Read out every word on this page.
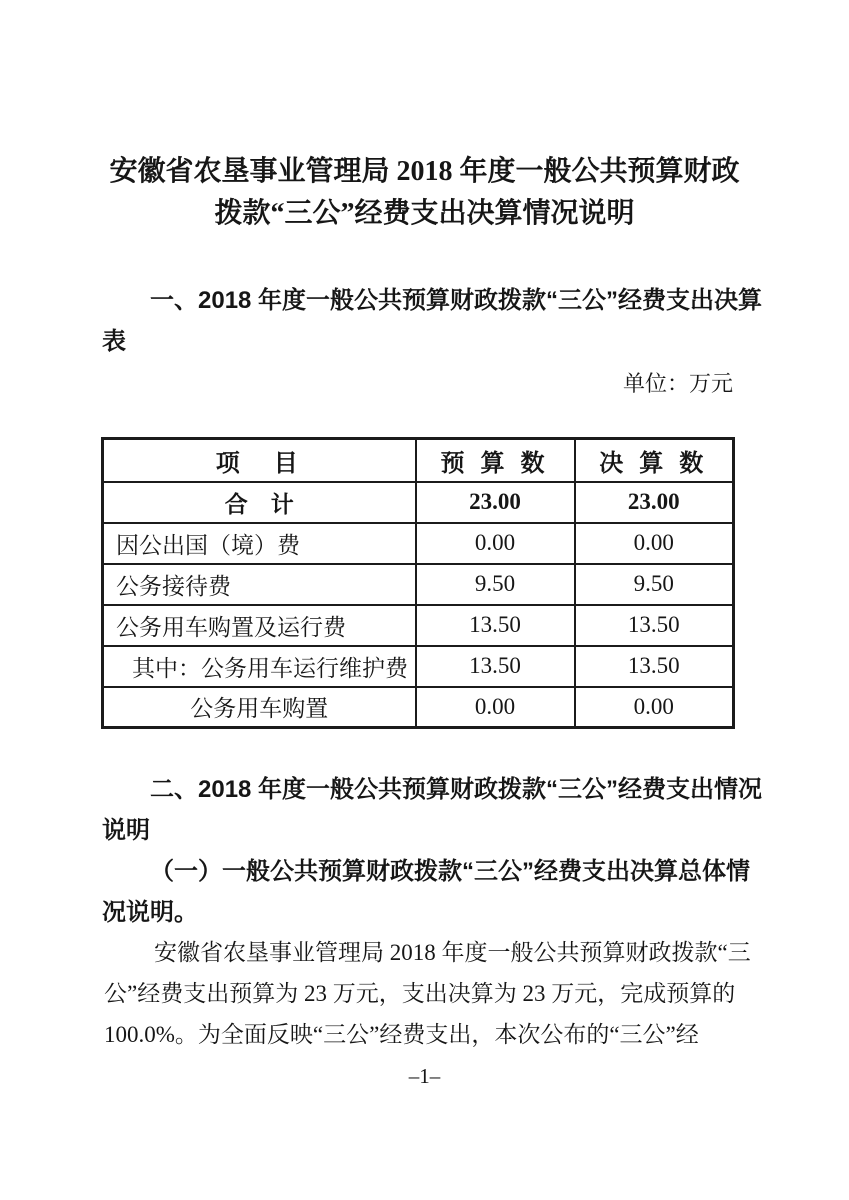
安徽省农垦事业管理局 2018 年度一般公共预算财政
拨款“三公”经费支出决算情况说明
一、2018 年度一般公共预算财政拨款“三公”经费支出决算
表
单位：万元
项　目	预 算 数	决 算 数
合　计	23.00	23.00
因公出国（境）费	0.00	0.00
公务接待费	9.50	9.50
公务用车购置及运行费	13.50	13.50
其中：公务用车运行维护费	13.50	13.50
公务用车购置	0.00	0.00
二、2018 年度一般公共预算财政拨款“三公”经费支出情况
说明
（一）一般公共预算财政拨款“三公”经费支出决算总体情
况说明。
安徽省农垦事业管理局 2018 年度一般公共预算财政拨款“三
公”经费支出预算为 23 万元，支出决算为 23 万元，完成预算的
100.0%。为全面反映“三公”经费支出，本次公布的“三公”经
–1–
